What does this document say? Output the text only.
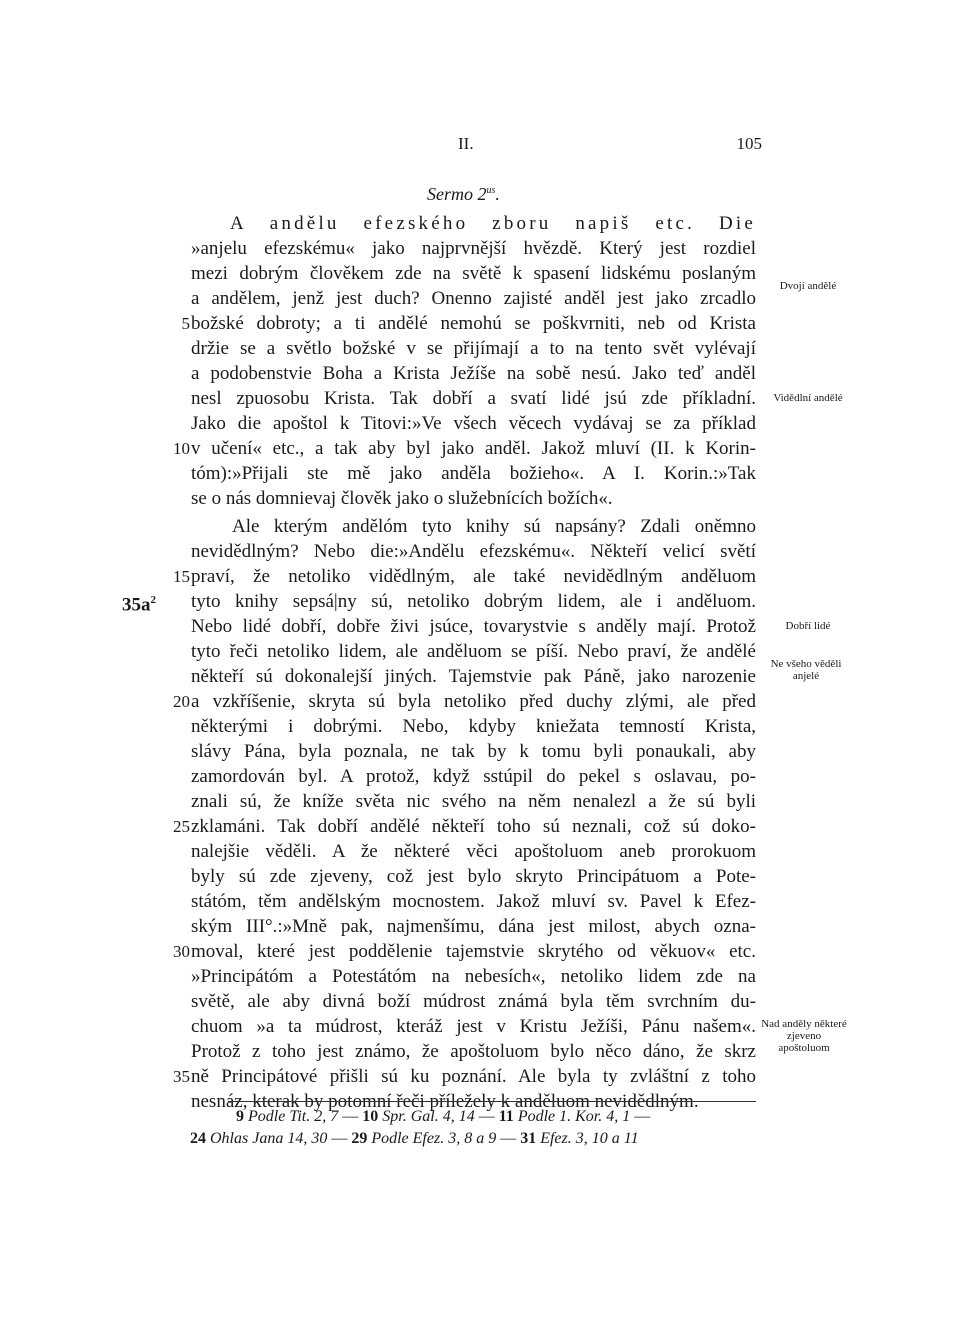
II.	105
Sermo $2^{us}$.
$35a^2$
A andělu efezského zboru napiš etc. Die
»anjelu efezskému« jako najprvnější hvězdě. Který jest rozdiel
mezi dobrým člověkem zde na světě k spasení lidskému poslaným
a andělem, jenž jest duch? Onenno zajisté anděl jest jako zrcadlo
božské dobroty; a ti andělé nemohú se poškvrniti, neb od Krista
držie se a světlo božské v se přijímají a to na tento svět vylévají
a podobenstvie Boha a Krista Ježíše na sobě nesú. Jako teď anděl
nesl zpuosobu Krista. Tak dobří a svatí lidé jsú zde příkladní.
Jako die apoštol k Titovi:»Ve všech věcech vydávaj se za příklad
v učení« etc., a tak aby byl jako anděl. Jakož mluví (II. k Korin-
tóm):»Přijali ste mě jako anděla božieho«. A I. Korin.:»Tak
se o nás domnievaj člověk jako o služebnících božích«.
Ale kterým andělóm tyto knihy sú napsány? Zdali oněmno
nevidědlným? Nebo die:»Andělu efezskému«. Někteří velicí světí
praví, že netoliko vidědlným, ale také nevidědlným anděluom
tyto knihy sepsá|ny sú, netoliko dobrým lidem, ale i anděluom.
Nebo lidé dobří, dobře živi jsúce, tovarystvie s anděly mají. Protož
tyto řeči netoliko lidem, ale anděluom se píší. Nebo praví, že andělé
někteří sú dokonalejší jiných. Tajemstvie pak Páně, jako narozenie
a vzkříšenie, skryta sú byla netoliko před duchy zlými, ale před
některými i dobrými. Nebo, kdyby kniežata temností Krista,
slávy Pána, byla poznala, ne tak by k tomu byli ponaukali, aby
zamordován byl. A protož, když sstúpil do pekel s oslavau, po-
znali sú, že kníže světa nic svého na něm nenalezl a že sú byli
zklamáni. Tak dobří andělé někteří toho sú neznali, což sú doko-
nalejšie věděli. A že některé věci apoštoluom aneb prorokuom
byly sú zde zjeveny, což jest bylo skryto Principátuom a Pote-
státóm, těm andělským mocnostem. Jakož mluví sv. Pavel k Efez-
ským III°.:»Mně pak, najmenšímu, dána jest milost, abych ozna-
moval, které jest poddělenie tajemstvie skrytého od věkuov« etc.
»Principátóm a Potestátóm na nebesích«, netoliko lidem zde na
světě, ale aby divná boží múdrost známá byla těm svrchním du-
chuom »a ta múdrost, kteráž jest v Kristu Ježíši, Pánu našem«.
Protož z toho jest známo, že apoštoluom bylo něco dáno, že skrz
ně Principátové přišli sú ku poznání. Ale byla ty zvláštní z toho
nesnáz, kterak by potomní řeči příležely k anděluom nevidědlným.
5
10
15
20
25
30
35
Dvojí andělé
Vidědlní andělé
Dobří lidé
Ne všeho věděli anjelé
Nad anděly některé zjeveno apoštoluom
9 Podle Tit. 2, 7 — 10 Spr. Gal. 4, 14 — 11 Podle 1. Kor. 4, 1 —
24 Ohlas Jana 14, 30 — 29 Podle Efez. 3, 8 a 9 — 31 Efez. 3, 10 a 11
